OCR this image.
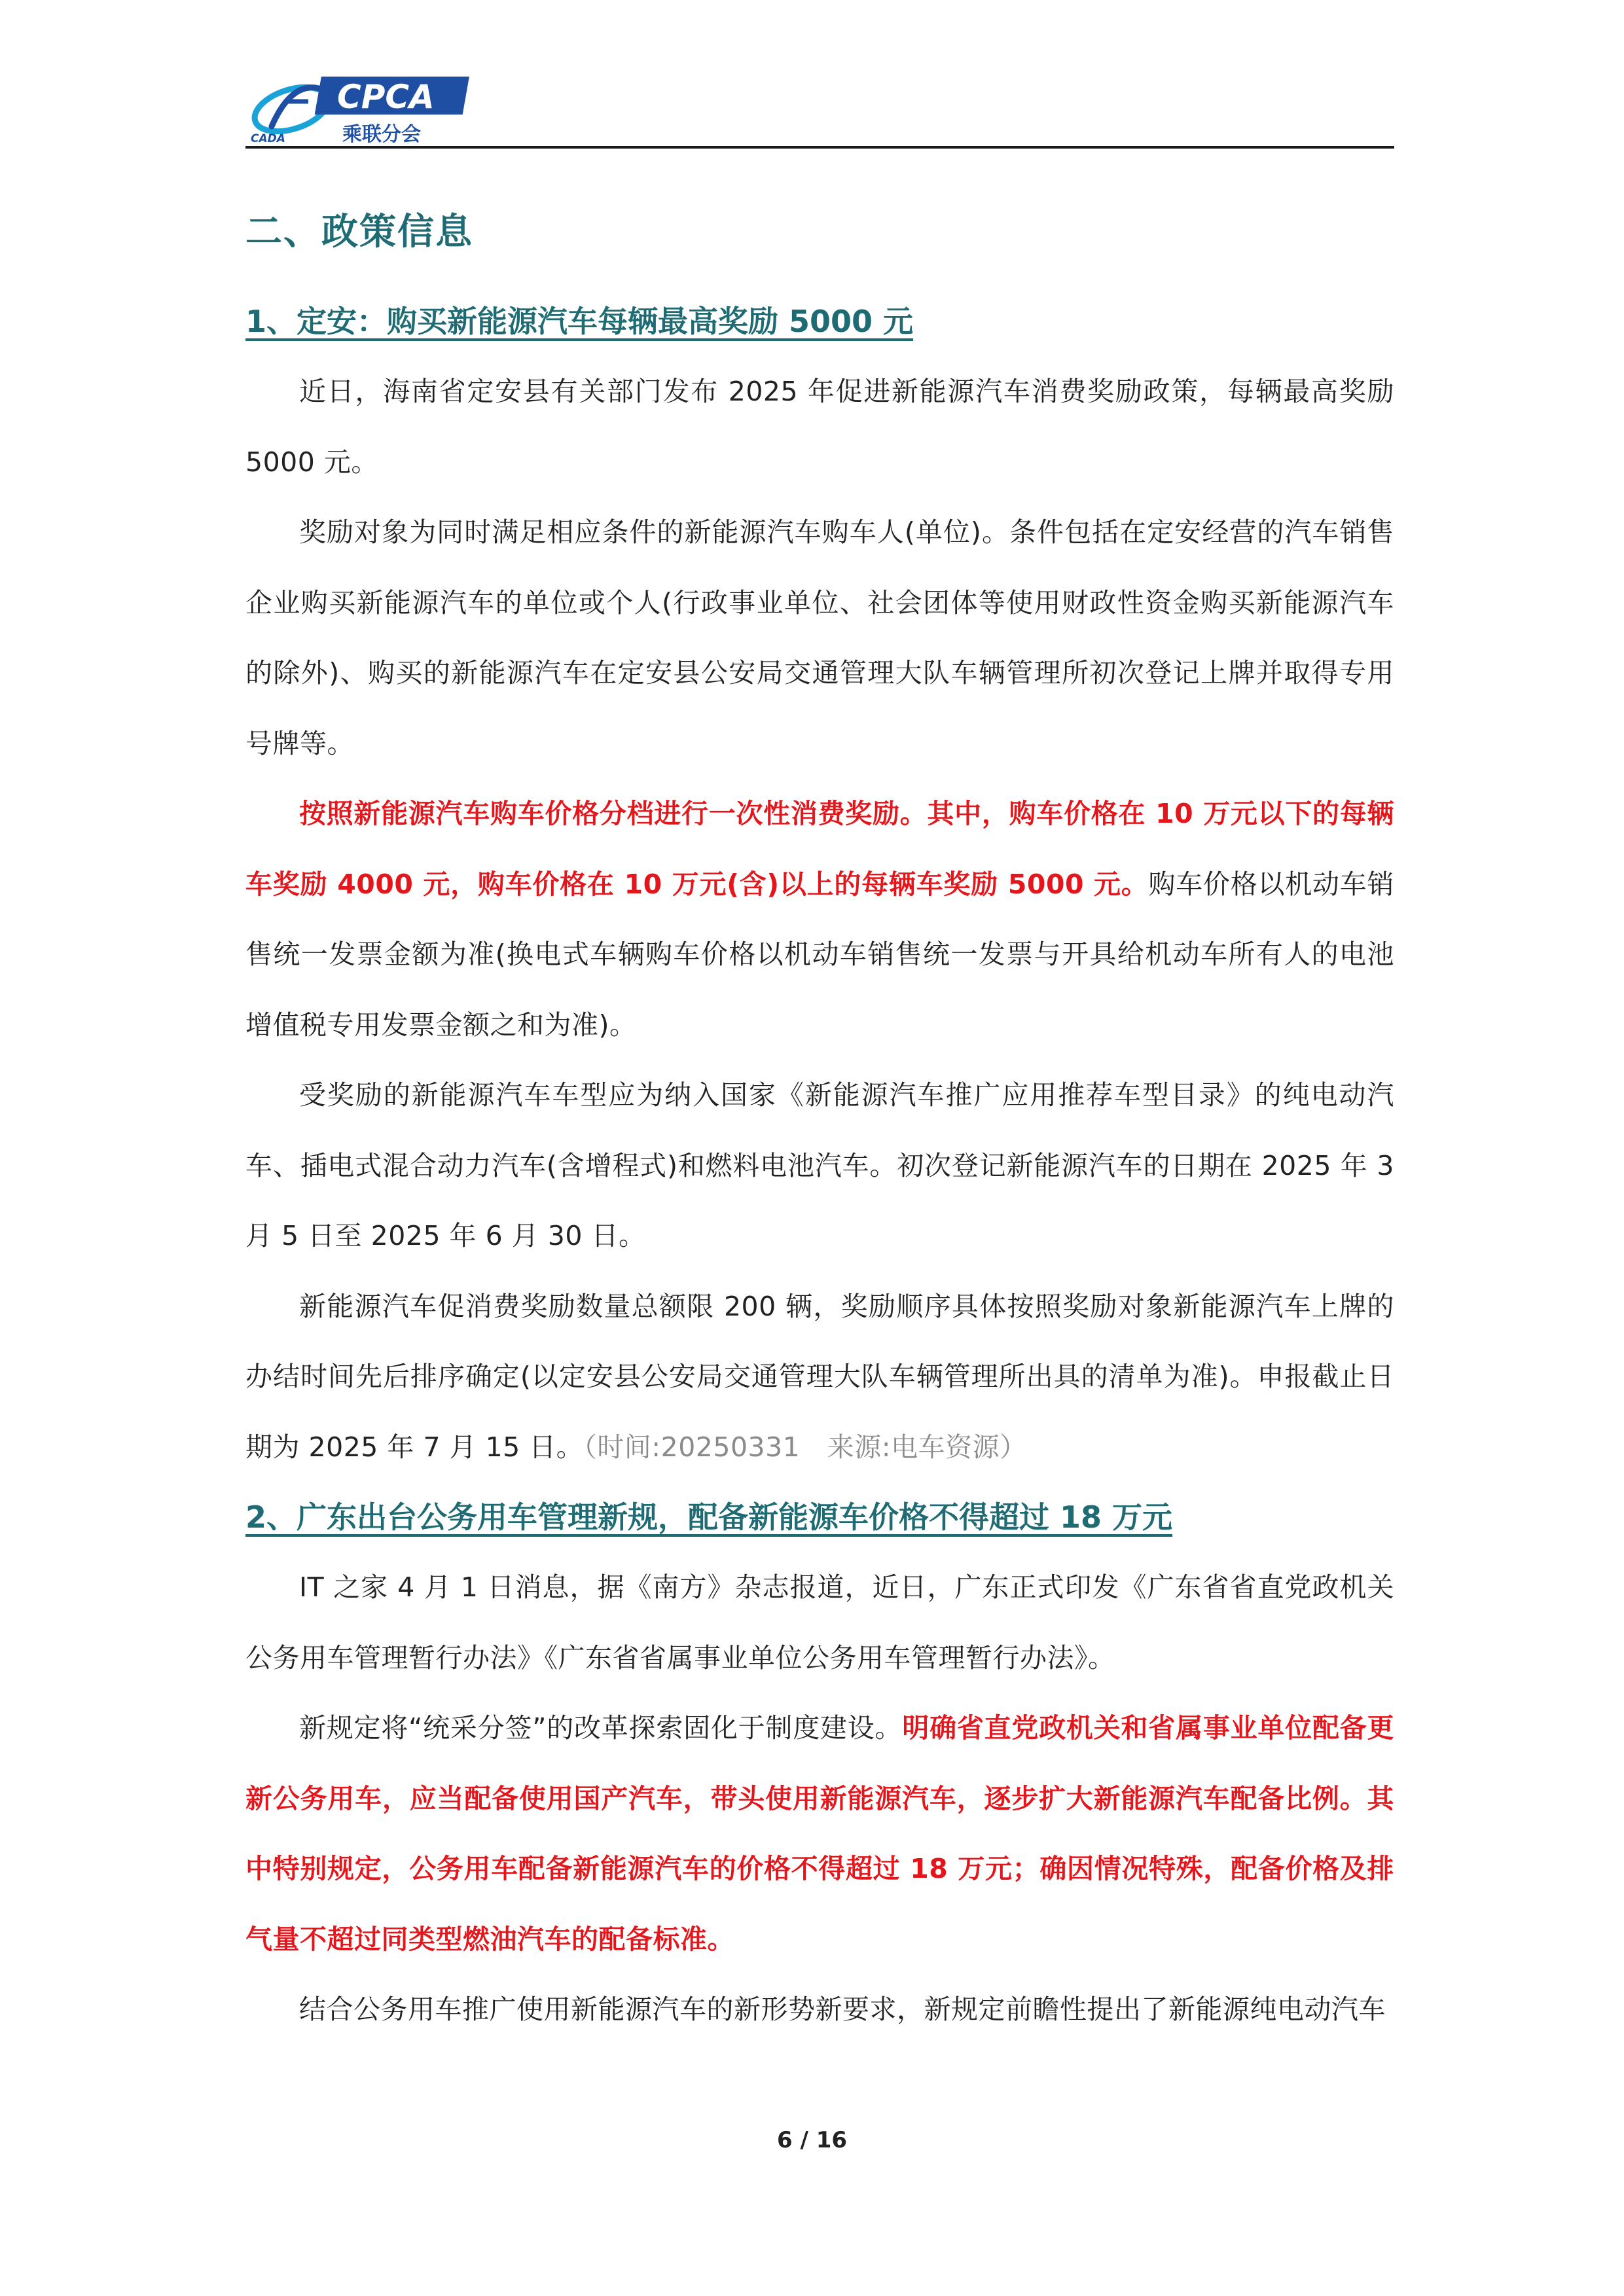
CADA
CPCA
乘联分会
二、政策信息
1、定安：购买新能源汽车每辆最高奖励 5000 元

近日，海南省定安县有关部门发布 2025 年促进新能源汽车消费奖励政策，每辆最高奖励 5000 元。

奖励对象为同时满足相应条件的新能源汽车购车人(单位)。条件包括在定安经营的汽车销售企业购买新能源汽车的单位或个人(行政事业单位、社会团体等使用财政性资金购买新能源汽车的除外)、购买的新能源汽车在定安县公安局交通管理大队车辆管理所初次登记上牌并取得专用号牌等。

按照新能源汽车购车价格分档进行一次性消费奖励。其中，购车价格在 10 万元以下的每辆车奖励 4000 元，购车价格在 10 万元(含)以上的每辆车奖励 5000 元。购车价格以机动车销售统一发票金额为准(换电式车辆购车价格以机动车销售统一发票与开具给机动车所有人的电池增值税专用发票金额之和为准)。

受奖励的新能源汽车车型应为纳入国家《新能源汽车推广应用推荐车型目录》的纯电动汽车、插电式混合动力汽车(含增程式)和燃料电池汽车。初次登记新能源汽车的日期在 2025 年 3 月 5 日至 2025 年 6 月 30 日。

新能源汽车促消费奖励数量总额限 200 辆，奖励顺序具体按照奖励对象新能源汽车上牌的办结时间先后排序确定(以定安县公安局交通管理大队车辆管理所出具的清单为准)。申报截止日期为 2025 年 7 月 15 日。（时间:20250331　来源:电车资源）

2、广东出台公务用车管理新规，配备新能源车价格不得超过 18 万元

IT 之家 4 月 1 日消息，据《南方》杂志报道，近日，广东正式印发《广东省省直党政机关公务用车管理暂行办法》《广东省省属事业单位公务用车管理暂行办法》。

新规定将“统采分签”的改革探索固化于制度建设。明确省直党政机关和省属事业单位配备更新公务用车，应当配备使用国产汽车，带头使用新能源汽车，逐步扩大新能源汽车配备比例。其中特别规定，公务用车配备新能源汽车的价格不得超过 18 万元；确因情况特殊，配备价格及排气量不超过同类型燃油汽车的配备标准。

结合公务用车推广使用新能源汽车的新形势新要求，新规定前瞻性提出了新能源纯电动汽车

6 / 16
